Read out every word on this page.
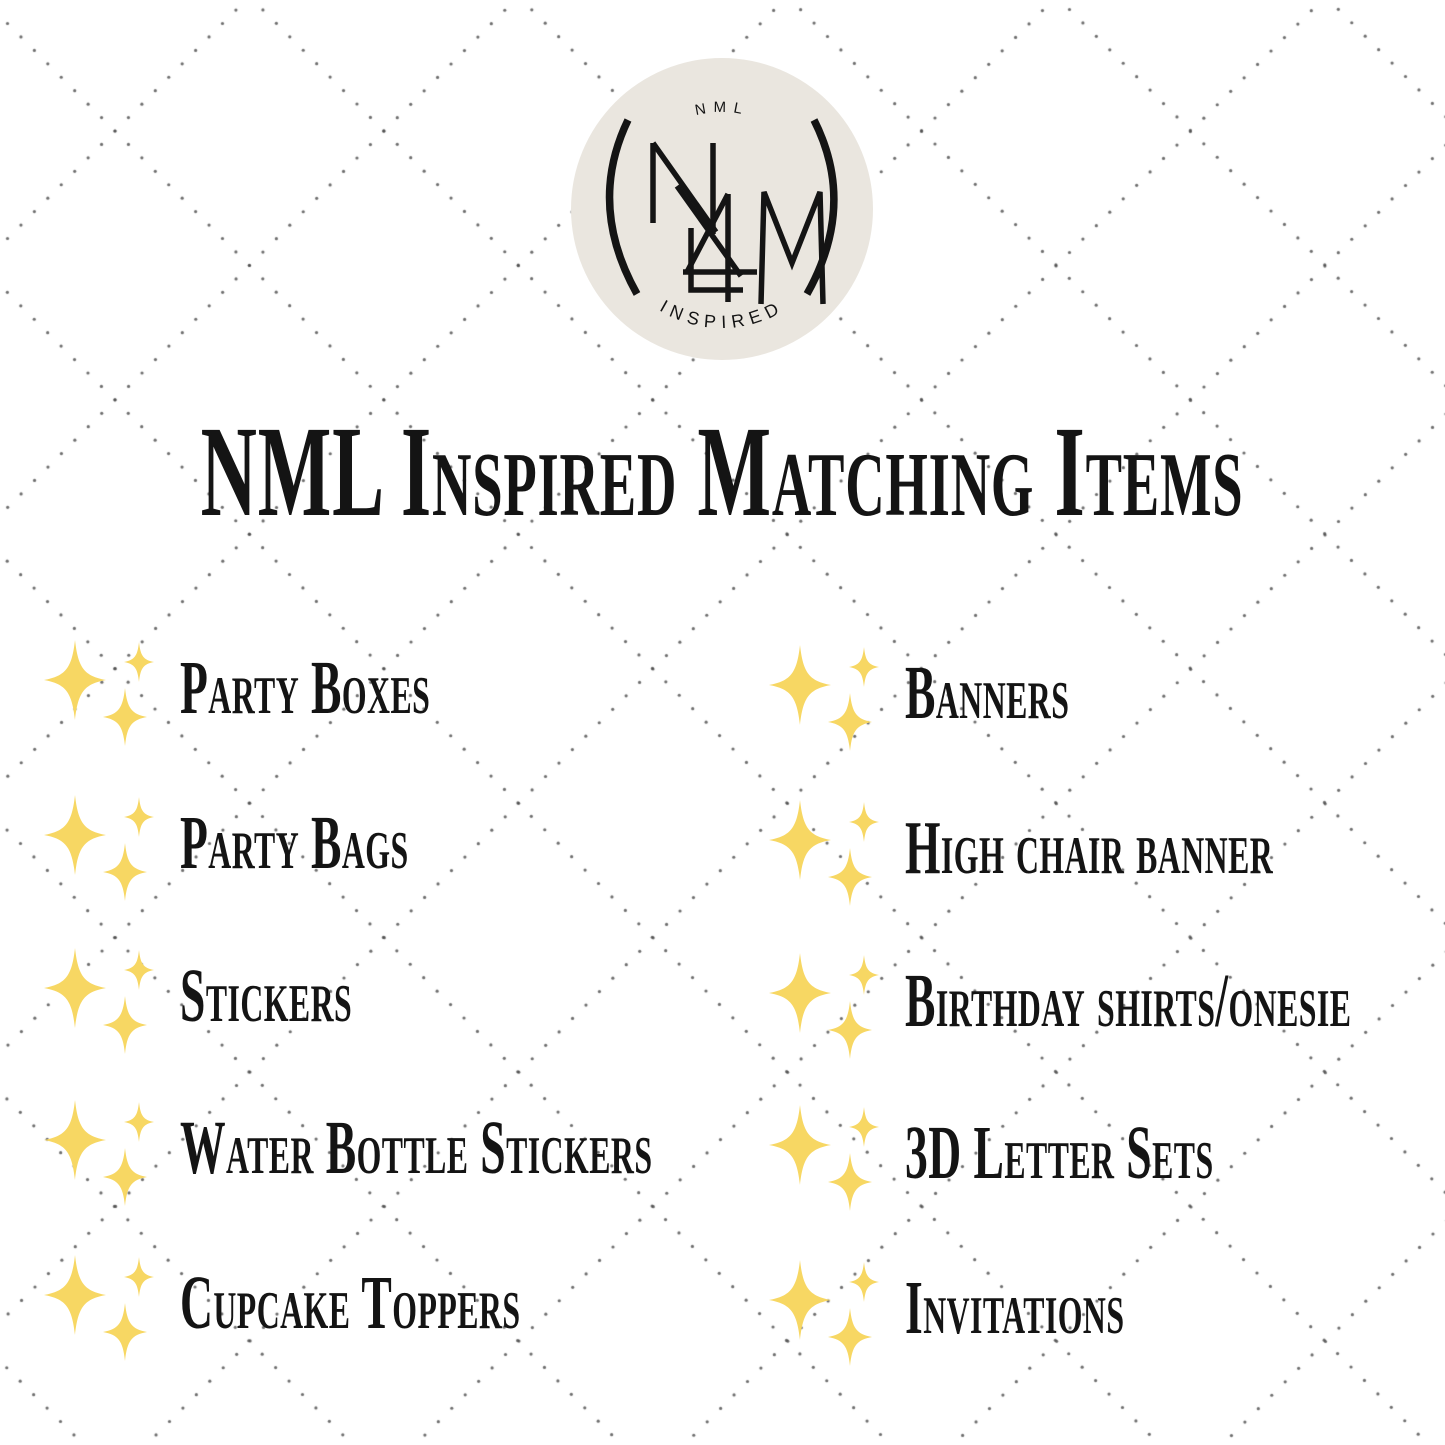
NML
INSPIRED
NML Inspired Matching Items
Party Boxes
Party Bags
Stickers
Water Bottle Stickers
Cupcake Toppers
Banners
High chair banner
Birthday shirts/onesie
3D Letter Sets
Invitations
